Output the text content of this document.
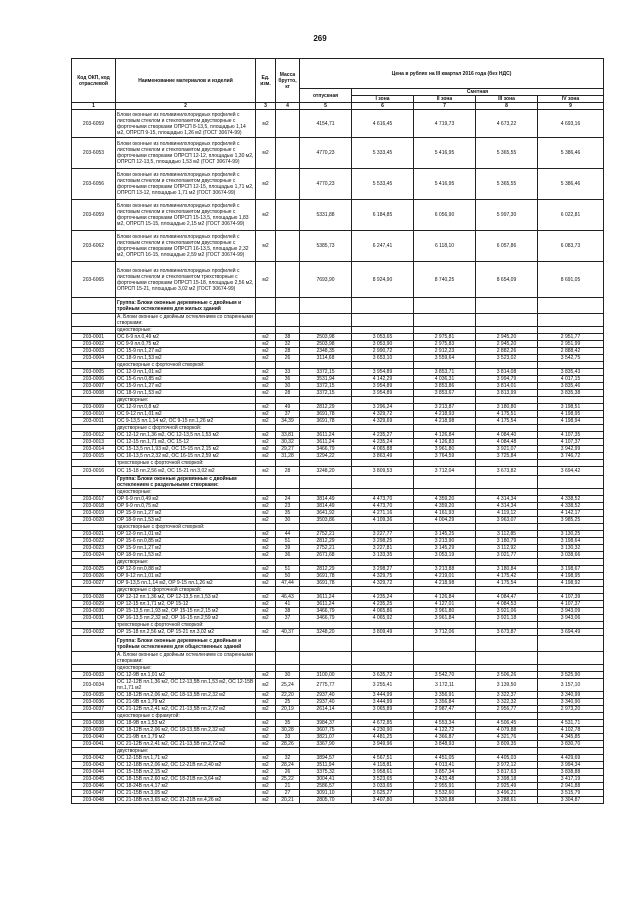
269
Код ОКП, код отраслевой	Наименование материалов и изделий	Ед. изм.	Масса брутто, кг	Цена в рублях на III квартал 2016 года (без НДС)				
				отпускная	Сметная			
					I зона	II зона	III зона	IV зона
1	2	3	4	5	6	7	8	9
203-6059	Блоки оконные из поливинилхлоридных профилей с листовым стеклом и стеклопакетом двустворные с форточными створками ОПРСП 8-13,5, площадью 1,14 м2, ОПРСП 9-15, площадью 1,26 м2 (ГОСТ 30674-99)	м2		4154,71	4 616,45	4 719,73	4 673,22	4 693,16
203-6053	Блоки оконные из поливинилхлоридных профилей с листовым стеклом и стеклопакетом двустворные с форточными створками ОПРСП 12-12, площадью 1,30 м2, ОПРСП 12-13,5, площадью 1,53 м2 (ГОСТ 30674-99)	м2		4770,23	5 333,45	5 416,95	5 365,55	5 386,46
203-6056	Блоки оконные из поливинилхлоридных профилей с листовым стеклом и стеклопакетом двустворные с форточными створками ОПРСП 12-15, площадью 1,71 м2, ОПРСП 13-12, площадью 1,71 м2 (ГОСТ 30674-99)	м2		4770,23	5 533,45	5 416,95	5 365,55	5 386,46
203-6059	Блоки оконные из поливинилхлоридных профилей с листовым стеклом и стеклопакетом двустворные с форточными створками ОПРСП 15-13,5, площадью 1,83 м2, ОПРСП 15-15, площадью 2,15 м2 (ГОСТ 30674-99)	м2		5331,88	6 184,85	6 056,90	5 997,30	6 022,81
203-6062	Блоки оконные из поливинилхлоридных профилей с листовым стеклом и стеклопакетом двустворные с форточными створками ОПРСП 16-13,5, площадью 2,32 м2, ОПРСП 16-15, площадью 2,59 м2 (ГОСТ 30674-99)	м2		5385,73	6 247,41	6 118,10	6 057,86	6 083,73
203-6065	Блоки оконные из поливинилхлоридных профилей с листовым стеклом и стеклопакетом трехстворные с форточными створками ОПРСП 15-18, площадью 2,56 м2, ОПРСП 15-21, площадью 3,02 м2 (ГОСТ 30674-99)	м2		7693,90	8 924,90	8 740,25	8 654,09	8 691,05
	Группа: Блоки оконные деревянные с двойным и тройным остеклением для жилых зданий							
	А. Блоки оконные с двойным остеклением со спаренными створками:							
	одностворные:							
203-0001	ОС 6-9 пл.0,49 м2	м2	38	2503,98	3 053,65	2 975,81	2 945,20	2 951,77
203-0002	ОС 9-9 пл.0,75 м2	м2	32	2503,98	3 053,90	2 975,83	2 945,20	2 951,99
203-0003	ОС 15-9 пл.1,27 м2	м2	28	2348,35	2 990,72	2 912,23	2 882,26	2 888,42
203-0004	ОС 18-9 пл.1,53 м2	м2	26	3114,68	3 653,10	3 559,64	3 523,02	3 542,75
	одностворные с форточной створкой:							
203-0005	ОС 12-9 пл.1,01 м2	м2	33	3372,15	3 954,89	3 853,71	3 814,08	3 835,43
203-0006	ОС 15-6 пл.0,85 м2	м2	36	3531,94	4 142,29	4 036,31	3 994,79	4 017,15
203-0007	ОС 15-9 пл.1,27 м2	м2	30	3372,15	3 954,89	3 853,86	3 814,01	3 835,46
203-0008	ОС 18-9 пл.1,53 м2	м2	28	3372,15	3 954,89	3 853,67	3 813,99	3 835,38
	двустворные:							
203-0009	ОС 12-9 пл.0,8 м2	м2	49	2812,29	3 296,24	3 213,87	3 180,80	3 198,51
203-0010	ОС 9-12 пл.1,01 м2	м2	37	3691,78	4 329,72	4 218,93	4 175,51	4 198,95
203-0011	ОС 9-13,5 пл.1,14 м2, ОС 9-15 пл.1,26 м2	м2	34,39	3691,78	4 329,69	4 218,98	4 175,54	4 198,94
	двустворные с форточной створкой:							
203-0012	ОС 12-12 пл.1,36 м2, ОС 12-13,5 пл.1,53 м2	м2	33,81	3611,24	4 235,27	4 126,84	4 084,40	4 107,35
203-0013	ОС 12-15 пл.1,71 м2, ОС 15-12	м2	30,32	3611,24	4 235,24	4 126,83	4 084,48	4 107,37
203-0014	ОС 15-13,5 пл.1,93 м2, ОС 15-15 пл.2,15 м2	м2	29,27	3466,79	4 065,88	3 961,80	3 921,07	3 942,99
203-0015	ОС 16-13,5 пл.2,32 м2, ОС 16-15 пл.2,59 м2	м2	31,28	3294,22	3 863,49	3 764,59	3 725,84	3 746,72
	трехстворные с форточной створкой:							
203-0016	ОС 15-18 пл.2,56 м2, ОС 15-21 пл.3,02 м2	м2	28	3248,20	3 809,53	3 712,04	3 673,82	3 694,42
	Группа: Блоки оконные деревянные с двойным остеклением с раздельными створками:							
	одностворные:							
203-0017	ОР 6-9 пл.0,49 м2	м2	24	3814,49	4 473,70	4 359,20	4 314,34	4 338,52
203-0018	ОР 9-9 пл.0,75 м2	м2	23	3814,49	4 473,70	4 359,20	4 314,34	4 338,52
203-0019	ОР 15-9 пл.1,27 м2	м2	35	3641,92	4 271,16	4 161,93	4 119,12	4 142,17
203-0020	ОР 18-9 пл.1,53 м2	м2	30	3503,86	4 109,36	4 004,29	3 963,07	3 985,25
	одностворные с форточной створкой:							
203-0021	ОР 12-9 пл.1,01 м2	м2	44	2752,21	3 227,77	3 145,25	3 112,85	3 130,25
203-0022	ОР 15-6 пл.0,85 м2	м2	51	2812,29	3 298,25	3 213,90	3 180,79	3 198,64
203-0023	ОР 15-9 пл.1,27 м2	м2	39	2752,21	3 227,81	3 145,29	3 112,92	3 130,32
203-0024	ОР 18-9 пл.1,53 м2	м2	36	2671,68	3 133,35	3 053,19	3 021,77	3 038,66
	двустворные:							
203-0025	ОР 12-9 пл.0,88 м2	м2	51	2812,29	3 298,27	3 213,88	3 180,84	3 198,67
203-0026	ОР 9-12 пл.1,01 м2	м2	50	3691,78	4 329,75	4 219,01	4 175,42	4 198,95
203-0027	ОР 9-13,5 пл.1,14 м2, ОР 9-15 пл.1,26 м2	м2	47,44	3691,78	4 329,72	4 218,98	4 175,54	4 198,92
	двустворные с форточной створкой:							
203-0028	ОР 12-12 пл.1,36 м2, ОР 12-13,5 пл.1,53 м2	м2	46,43	3611,24	4 235,24	4 126,84	4 084,47	4 107,39
203-0029	ОР 12-15 пл.1,71 м2, ОР 15-12	м2	41	3611,24	4 235,25	4 127,01	4 084,53	4 107,37
203-0030	ОР 15-13,5 пл.1,93 м2, ОР 15-15 пл.2,15 м2	м2	38	3466,79	4 065,86	3 961,80	3 921,06	3 943,09
203-0031	ОР 16-13,5 пл.2,32 м2, ОР 16-15 пл.2,59 м2	м2	37	3466,79	4 065,92	3 961,84	3 921,18	3 943,06
	трехстворные с форточной створкой:							
203-0032	ОР 15-18 пл.2,56 м2, ОР 15-21 пл.3,02 м2	м2	40,37	3248,20	3 809,49	3 712,06	3 673,87	3 694,49
	Группа: Блоки оконные деревянные с двойным и тройным остеклением для общественных зданий							
	А. Блоки оконные с двойным остеклением со спаренными створками:							
	одностворные:							
203-0033	ОС 12-9В пл.1,01 м2	м2	30	3100,00	3 635,72	3 542,70	3 506,26	3 525,90
203-0034	ОС 12-12В пл.1,36 м2, ОС 12-13,5В пл.1,53 м2, ОС 12-15В пл.1,71 м2	м2	25,24	2775,77	3 255,41	3 172,11	3 139,50	3 157,10
203-0035	ОС 18-12В пл.2,06 м2, ОС 18-13,5В пл.2,32 м2	м2	22,20	2937,40	3 444,99	3 356,91	3 322,37	3 340,99
203-0036	ОС 21-9В пл.1,79 м2	м2	25	2937,40	3 444,99	3 356,84	3 322,32	3 340,90
203-0037	ОС 21-12В пл.2,41 м2, ОС 21-13,5В пл.2,72 м2	м2	20,19	2614,14	3 065,89	2 987,47	2 956,77	2 973,20
	одностворные с фрамугой:							
203-0038	ОС 18-9В пл.1,53 м2	м2	35	3984,37	4 672,85	4 553,34	4 506,45	4 531,71
203-0039	ОС 18-12В пл.2,06 м2, ОС 18-13,5В пл.2,32 м2	м2	30,28	3607,75	4 230,90	4 122,72	4 079,88	4 102,78
203-0040	ОС 21-9В пл.1,79 м2	м2	33	3821,07	4 481,25	4 366,87	4 321,76	4 345,85
203-0041	ОС 21-12В пл.2,41 м2, ОС 21-13,5В пл.2,72 м2	м2	28,26	3367,90	3 949,96	3 848,93	3 809,35	3 830,70
	двустворные:							
203-0042	ОС 12-15В пл.1,71 м2	м2	32	3894,57	4 567,51	4 451,05	4 405,03	4 429,69
203-0043	ОС 12-18В пл.2,06 м2, ОС 12-21В пл.2,40 м2	м2	28,24	3511,94	4 118,81	4 013,41	3 972,12	3 994,34
203-0044	ОС 15-15В пл.2,15 м2	м2	26	3375,32	3 958,61	3 857,34	3 817,63	3 838,88
203-0045	ОС 18-15В пл.2,60 м2, ОС 18-21В пл.3,64 м2	м2	25,22	3004,41	3 523,65	3 433,48	3 398,18	3 417,19
203-0046	ОС 18-24В пл.4,17 м2	м2	21	2586,57	3 033,65	2 955,91	2 925,49	2 941,88
203-0047	ОС 21-15В пл.3,05 м2	м2	27	3091,10	3 625,27	3 532,60	3 496,21	3 515,79
203-0048	ОС 21-18В пл.3,65 м2, ОС 21-21В пл.4,26 м2	м2	20,21	2805,70	3 407,80	3 320,88	3 288,61	3 304,87
